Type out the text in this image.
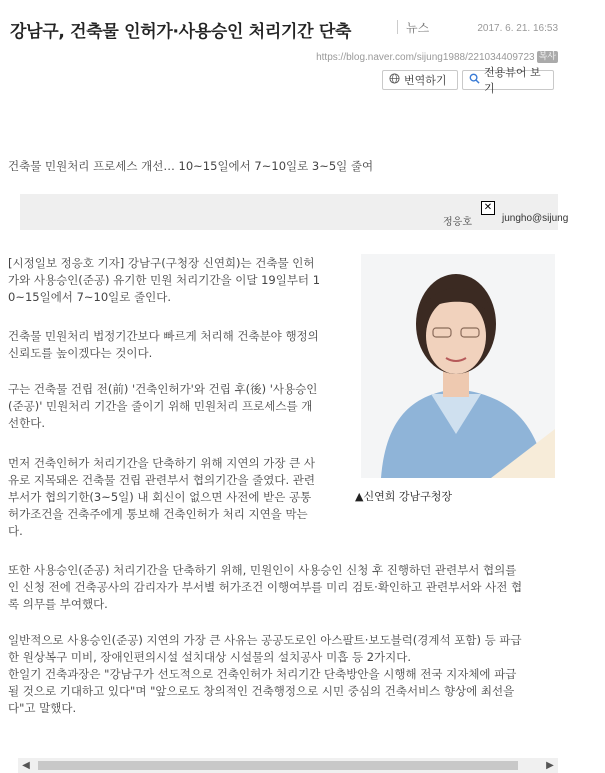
강남구, 건축물 인허가·사용승인 처리기간 단축	뉴스	2017. 6. 21. 16:53
https://blog.naver.com/sijung1988/221034409723 복사
번역하기
전용뷰어 보기
건축물 민원처리 프로세스 개선… 10~15일에서 7~10일로 3~5일 줄여
정응호
✕
jungho@sijung
[시정일보 정응호 기자] 강남구(구청장 신연희)는 건축물 인허
가와 사용승인(준공) 유기한 민원 처리기간을 이달 19일부터 1
0~15일에서 7~10일로 줄인다.
건축물 민원처리 법정기간보다 빠르게 처리해 건축분야 행정의
신뢰도를 높이겠다는 것이다.
구는 건축물 건립 전(前) '건축인허가'와 건립 후(後) '사용승인
(준공)' 민원처리 기간을 줄이기 위해 민원처리 프로세스를 개
선한다.
먼저 건축인허가 처리기간을 단축하기 위해 지연의 가장 큰 사
유로 지목돼온 건축물 건립 관련부서 협의기간을 줄였다. 관련
부서가 협의기한(3~5일) 내 회신이 없으면 사전에 받은 공통
허가조건을 건축주에게 통보해 건축인허가 처리 지연을 막는
다.
또한 사용승인(준공) 처리기간을 단축하기 위해, 민원인이 사용승인 신청 후 진행하던 관련부서 협의를
인 신청 전에 건축공사의 감리자가 부서별 허가조건 이행여부를 미리 검토·확인하고 관련부서와 사전 협
록 의무를 부여했다.
일반적으로 사용승인(준공) 지연의 가장 큰 사유는 공공도로인 아스팔트·보도블럭(경계석 포함) 등 파급
한 원상복구 미비, 장애인편의시설 설치대상 시설물의 설치공사 미흡 등 2가지다.
한일기 건축과장은 "강남구가 선도적으로 건축인허가 처리기간 단축방안을 시행해 전국 지자체에 파급
될 것으로 기대하고 있다"며 "앞으로도 창의적인 건축행정으로 시민 중심의 건축서비스 향상에 최선을
다"고 말했다.
▲신연희 강남구청장
◀	▶
